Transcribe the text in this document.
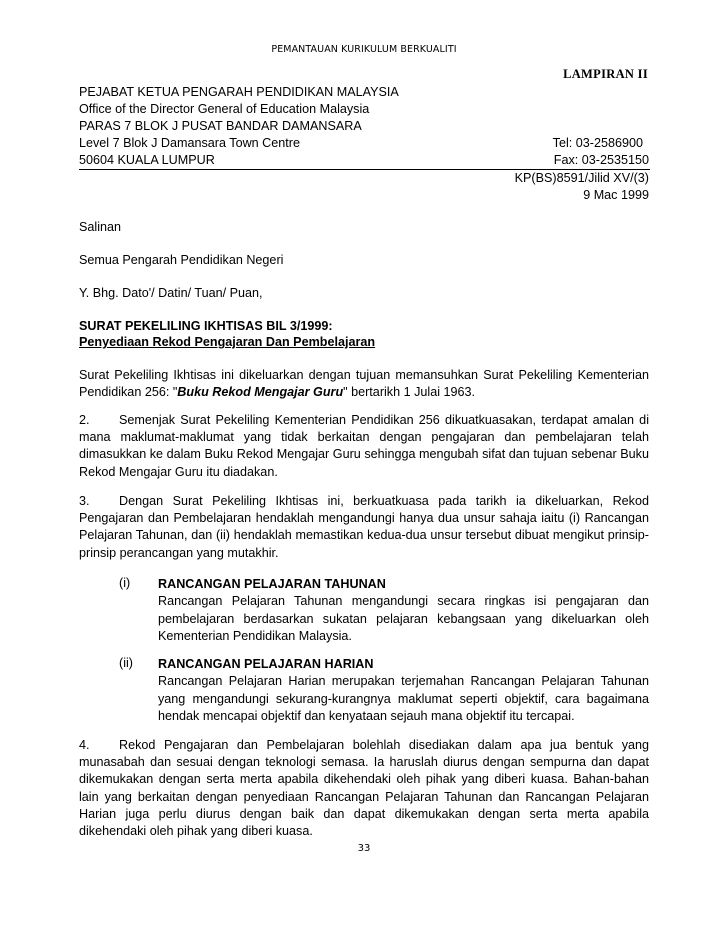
PEMANTAUAN KURIKULUM BERKUALITI
LAMPIRAN II
PEJABAT KETUA PENGARAH PENDIDIKAN MALAYSIA
Office of the Director General of Education Malaysia
PARAS 7 BLOK J PUSAT BANDAR DAMANSARA
Level 7 Blok J Damansara Town Centre	Tel: 03-2586900
50604 KUALA LUMPUR	Fax: 03-2535150
KP(BS)8591/Jilid XV/(3)
9 Mac 1999
Salinan
Semua Pengarah Pendidikan Negeri
Y. Bhg. Dato'/ Datin/ Tuan/ Puan,
SURAT PEKELILING IKHTISAS BIL 3/1999:
Penyediaan Rekod Pengajaran Dan Pembelajaran
Surat Pekeliling Ikhtisas ini dikeluarkan dengan tujuan memansuhkan Surat Pekeliling Kementerian Pendidikan 256: "Buku Rekod Mengajar Guru" bertarikh 1 Julai 1963.
2. Semenjak Surat Pekeliling Kementerian Pendidikan 256 dikuatkuasakan, terdapat amalan di mana maklumat-maklumat yang tidak berkaitan dengan pengajaran dan pembelajaran telah dimasukkan ke dalam Buku Rekod Mengajar Guru sehingga mengubah sifat dan tujuan sebenar Buku Rekod Mengajar Guru itu diadakan.
3. Dengan Surat Pekeliling Ikhtisas ini, berkuatkuasa pada tarikh ia dikeluarkan, Rekod Pengajaran dan Pembelajaran hendaklah mengandungi hanya dua unsur sahaja iaitu (i) Rancangan Pelajaran Tahunan, dan (ii) hendaklah memastikan kedua-dua unsur tersebut dibuat mengikut prinsip-prinsip perancangan yang mutakhir.
(i) RANCANGAN PELAJARAN TAHUNAN
Rancangan Pelajaran Tahunan mengandungi secara ringkas isi pengajaran dan pembelajaran berdasarkan sukatan pelajaran kebangsaan yang dikeluarkan oleh Kementerian Pendidikan Malaysia.
(ii) RANCANGAN PELAJARAN HARIAN
Rancangan Pelajaran Harian merupakan terjemahan Rancangan Pelajaran Tahunan yang mengandungi sekurang-kurangnya maklumat seperti objektif, cara bagaimana hendak mencapai objektif dan kenyataan sejauh mana objektif itu tercapai.
4. Rekod Pengajaran dan Pembelajaran bolehlah disediakan dalam apa jua bentuk yang munasabah dan sesuai dengan teknologi semasa. Ia haruslah diurus dengan sempurna dan dapat dikemukakan dengan serta merta apabila dikehendaki oleh pihak yang diberi kuasa. Bahan-bahan lain yang berkaitan dengan penyediaan Rancangan Pelajaran Tahunan dan Rancangan Pelajaran Harian juga perlu diurus dengan baik dan dapat dikemukakan dengan serta merta apabila dikehendaki oleh pihak yang diberi kuasa.
33
